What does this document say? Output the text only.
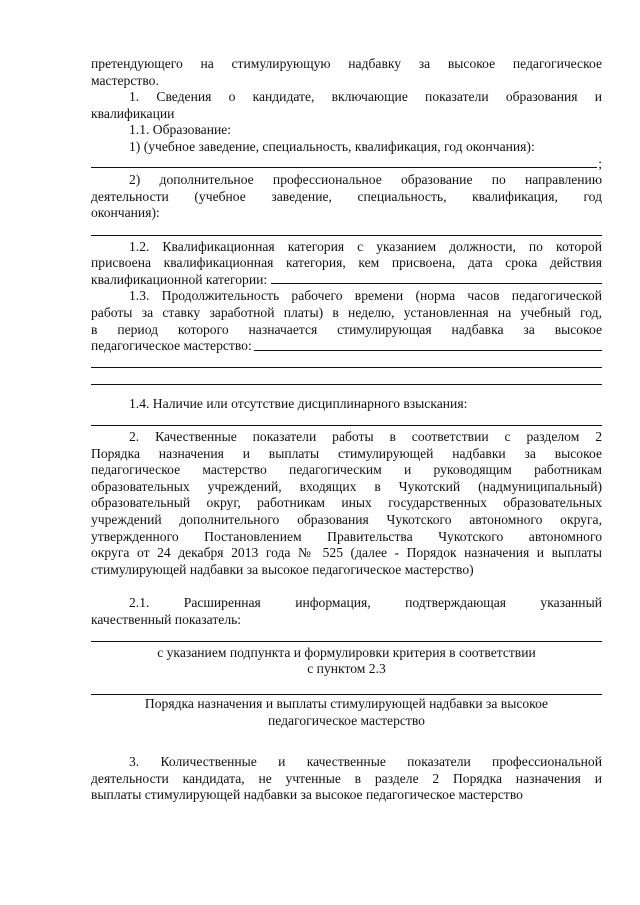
претендующего на стимулирующую надбавку за высокое педагогическое

мастерство.

1. Сведения о кандидате, включающие показатели образования и

квалификации

1.1. Образование:

1) (учебное заведение, специальность, квалификация, год окончания):

;

2) дополнительное профессиональное образование по направлению

деятельности (учебное заведение, специальность, квалификация, год

окончания):

1.2. Квалификационная категория с указанием должности, по которой

присвоена квалификационная категория, кем присвоена, дата срока действия

квалификационной категории:

1.3. Продолжительность рабочего времени (норма часов педагогической

работы за ставку заработной платы) в неделю, установленная на учебный год,

в период которого назначается стимулирующая надбавка за высокое

педагогическое мастерство:

1.4. Наличие или отсутствие дисциплинарного взыскания:

2. Качественные показатели работы в соответствии с разделом 2

Порядка назначения и выплаты стимулирующей надбавки за высокое

педагогическое мастерство педагогическим и руководящим работникам

образовательных учреждений, входящих в Чукотский (надмуниципальный)

образовательный округ, работникам иных государственных образовательных

учреждений дополнительного образования Чукотского автономного округа,

утвержденного Постановлением Правительства Чукотского автономного

округа от 24 декабря 2013 года № 525 (далее - Порядок назначения и выплаты

стимулирующей надбавки за высокое педагогическое мастерство)

2.1. Расширенная информация, подтверждающая указанный

качественный показатель:

с указанием подпункта и формулировки критерия в соответствии

с пунктом 2.3

Порядка назначения и выплаты стимулирующей надбавки за высокое

педагогическое мастерство

3. Количественные и качественные показатели профессиональной

деятельности кандидата, не учтенные в разделе 2 Порядка назначения и

выплаты стимулирующей надбавки за высокое педагогическое мастерство
